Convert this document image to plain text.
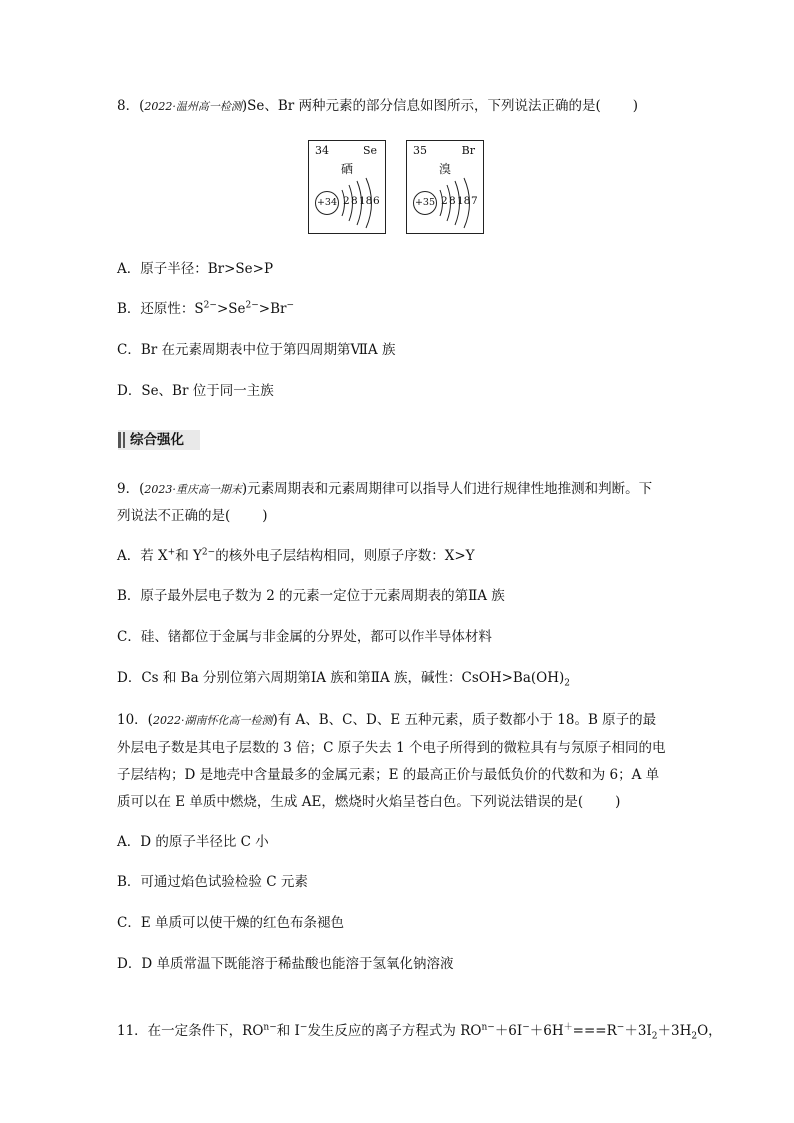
8．(2022·温州高一检测)Se、Br 两种元素的部分信息如图所示，下列说法正确的是( )
34	Se
硒
+34 2 8 18 6
35	Br
溴
+35 2 8 18 7
A．原子半径：Br>Se>P
B．还原性：$S^{2-}>Se^{2-}>Br^-$
C．Br 在元素周期表中位于第四周期第ⅦA 族
D．Se、Br 位于同一主族
综合强化
9．(2023·重庆高一期末)元素周期表和元素周期律可以指导人们进行规律性地推测和判断。下
列说法不正确的是( )
A．若 X+和 $Y^{2-}$的核外电子层结构相同，则原子序数：X>Y
B．原子最外层电子数为 2 的元素一定位于元素周期表的第ⅡA 族
C．硅、锗都位于金属与非金属的分界处，都可以作半导体材料
D．Cs 和 Ba 分别位第六周期第ⅠA 族和第ⅡA 族，碱性：$CsOH>Ba(OH)_2$
10．(2022·湖南怀化高一检测)有 A、B、C、D、E 五种元素，质子数都小于 18。B 原子的最
外层电子数是其电子层数的 3 倍；C 原子失去 1 个电子所得到的微粒具有与氖原子相同的电
子层结构；D 是地壳中含量最多的金属元素；E 的最高正价与最低负价的代数和为 6；A 单
质可以在 E 单质中燃烧，生成 AE，燃烧时火焰呈苍白色。下列说法错误的是( )
A．D 的原子半径比 C 小
B．可通过焰色试验检验 C 元素
C．E 单质可以使干燥的红色布条褪色
D．D 单质常温下既能溶于稀盐酸也能溶于氢氧化钠溶液
11．在一定条件下，$RO^{n-}$和 I−发生反应的离子方程式为 $RO^{n-}+6I^-+6H^+===R^-+3I_2+3H_2O$，
